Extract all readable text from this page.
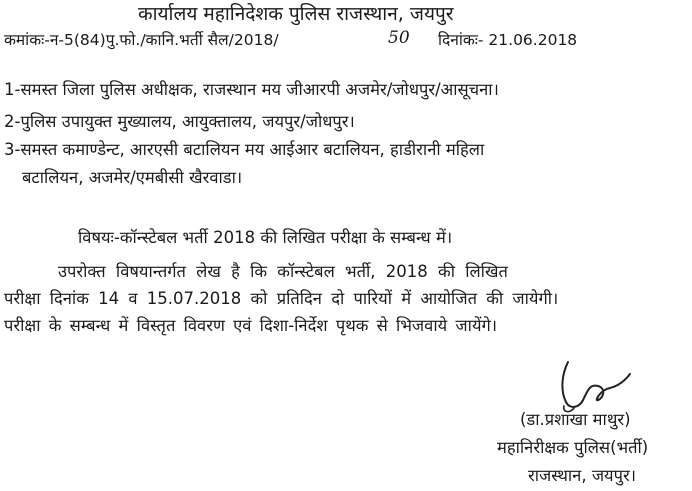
कार्यालय महानिदेशक पुलिस राजस्थान, जयपुर
कमांकः-न-5(84)पु.फो./कानि.भर्ती सैल/2018/	50 दिनांकः- 21.06.2018
1-समस्त जिला पुलिस अधीक्षक, राजस्थान मय जीआरपी अजमेर/जोधपुर/आसूचना।
2-पुलिस उपायुक्त मुख्यालय, आयुक्तालय, जयपुर/जोधपुर।
3-समस्त कमाण्डेन्ट, आरएसी बटालियन मय आईआर बटालियन, हाडीरानी महिला
बटालियन, अजमेर/एमबीसी खैरवाडा।
विषयः-कॉन्स्टेबल भर्ती 2018 की लिखित परीक्षा के सम्बन्ध में।
उपरोक्त विषयान्तर्गत लेख है कि कॉन्स्टेबल भर्ती, 2018 की लिखित
परीक्षा दिनांक 14 व 15.07.2018 को प्रतिदिन दो पारियों में आयोजित की जायेगी।
परीक्षा के सम्बन्ध में विस्तृत विवरण एवं दिशा-निर्देश पृथक से भिजवाये जायेंगे।
(डा.प्रशाखा माथुर)
महानिरीक्षक पुलिस(भर्ती)
राजस्थान, जयपुर।
